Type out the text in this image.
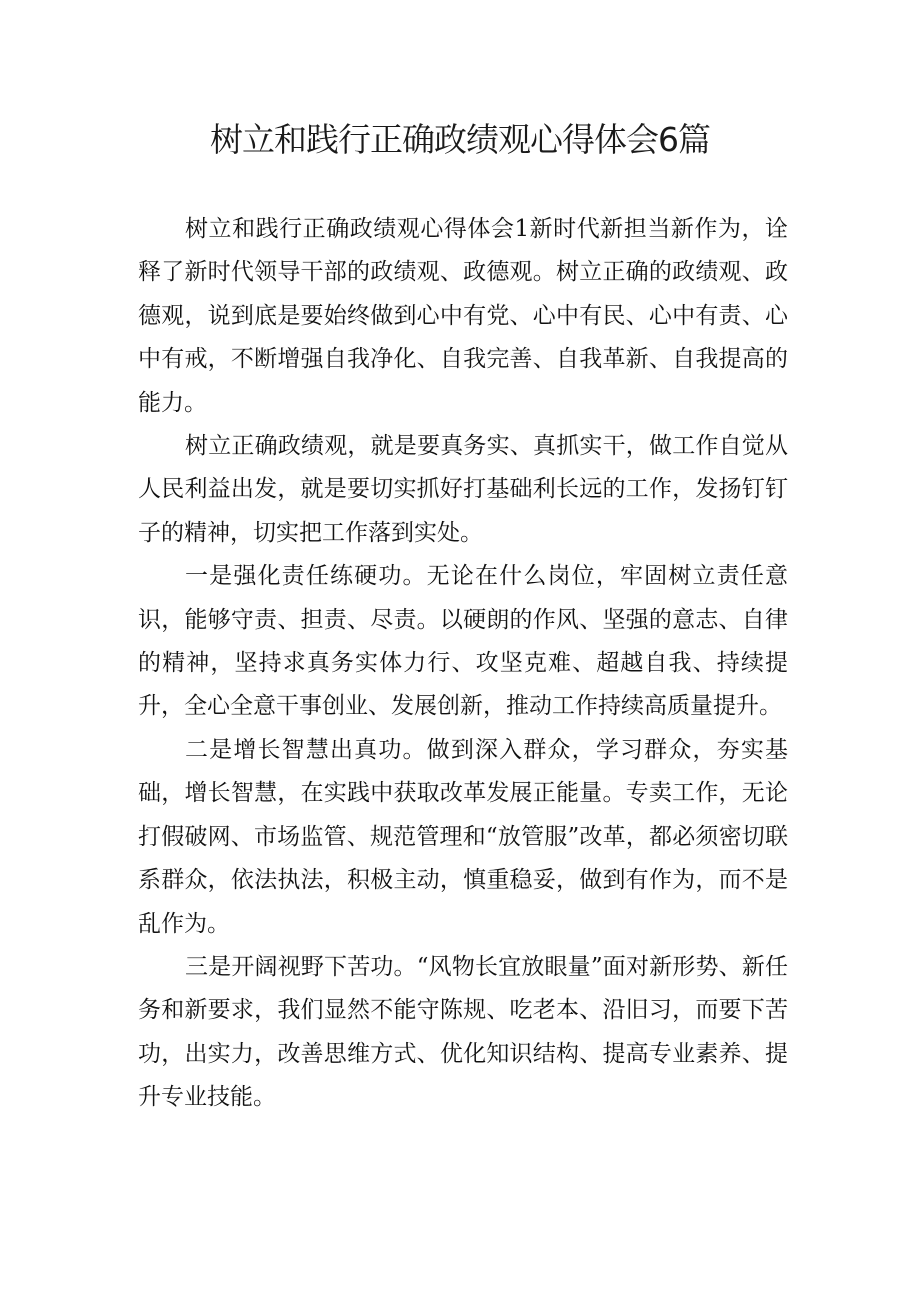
树立和践行正确政绩观心得体会6篇

树立和践行正确政绩观心得体会1新时代新担当新作为，诠释了新时代领导干部的政绩观、政德观。树立正确的政绩观、政德观，说到底是要始终做到心中有党、心中有民、心中有责、心中有戒，不断增强自我净化、自我完善、自我革新、自我提高的能力。

树立正确政绩观，就是要真务实、真抓实干，做工作自觉从人民利益出发，就是要切实抓好打基础利长远的工作，发扬钉钉子的精神，切实把工作落到实处。

一是强化责任练硬功。无论在什么岗位，牢固树立责任意识，能够守责、担责、尽责。以硬朗的作风、坚强的意志、自律的精神，坚持求真务实体力行、攻坚克难、超越自我、持续提升，全心全意干事创业、发展创新，推动工作持续高质量提升。

二是增长智慧出真功。做到深入群众，学习群众，夯实基础，增长智慧，在实践中获取改革发展正能量。专卖工作，无论打假破网、市场监管、规范管理和“放管服”改革，都必须密切联系群众，依法执法，积极主动，慎重稳妥，做到有作为，而不是乱作为。

三是开阔视野下苦功。“风物长宜放眼量”面对新形势、新任务和新要求，我们显然不能守陈规、吃老本、沿旧习，而要下苦功，出实力，改善思维方式、优化知识结构、提高专业素养、提升专业技能。
